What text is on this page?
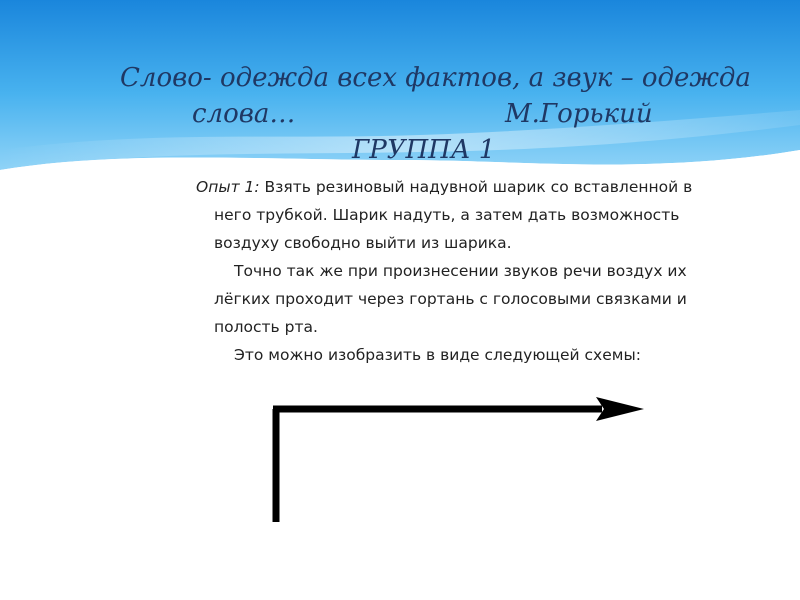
Слово- одежда всех фактов, а звук – одежда
слова…	М.Горький
ГРУППА 1

Опыт 1: Взять резиновый надувной шарик со вставленной в

него трубкой. Шарик надуть, а затем дать возможность

воздуху свободно выйти из шарика.

Точно так же при произнесении звуков речи воздух их

лёгких проходит через гортань с голосовыми связками и

полость рта.

Это можно изобразить в виде следующей схемы:
